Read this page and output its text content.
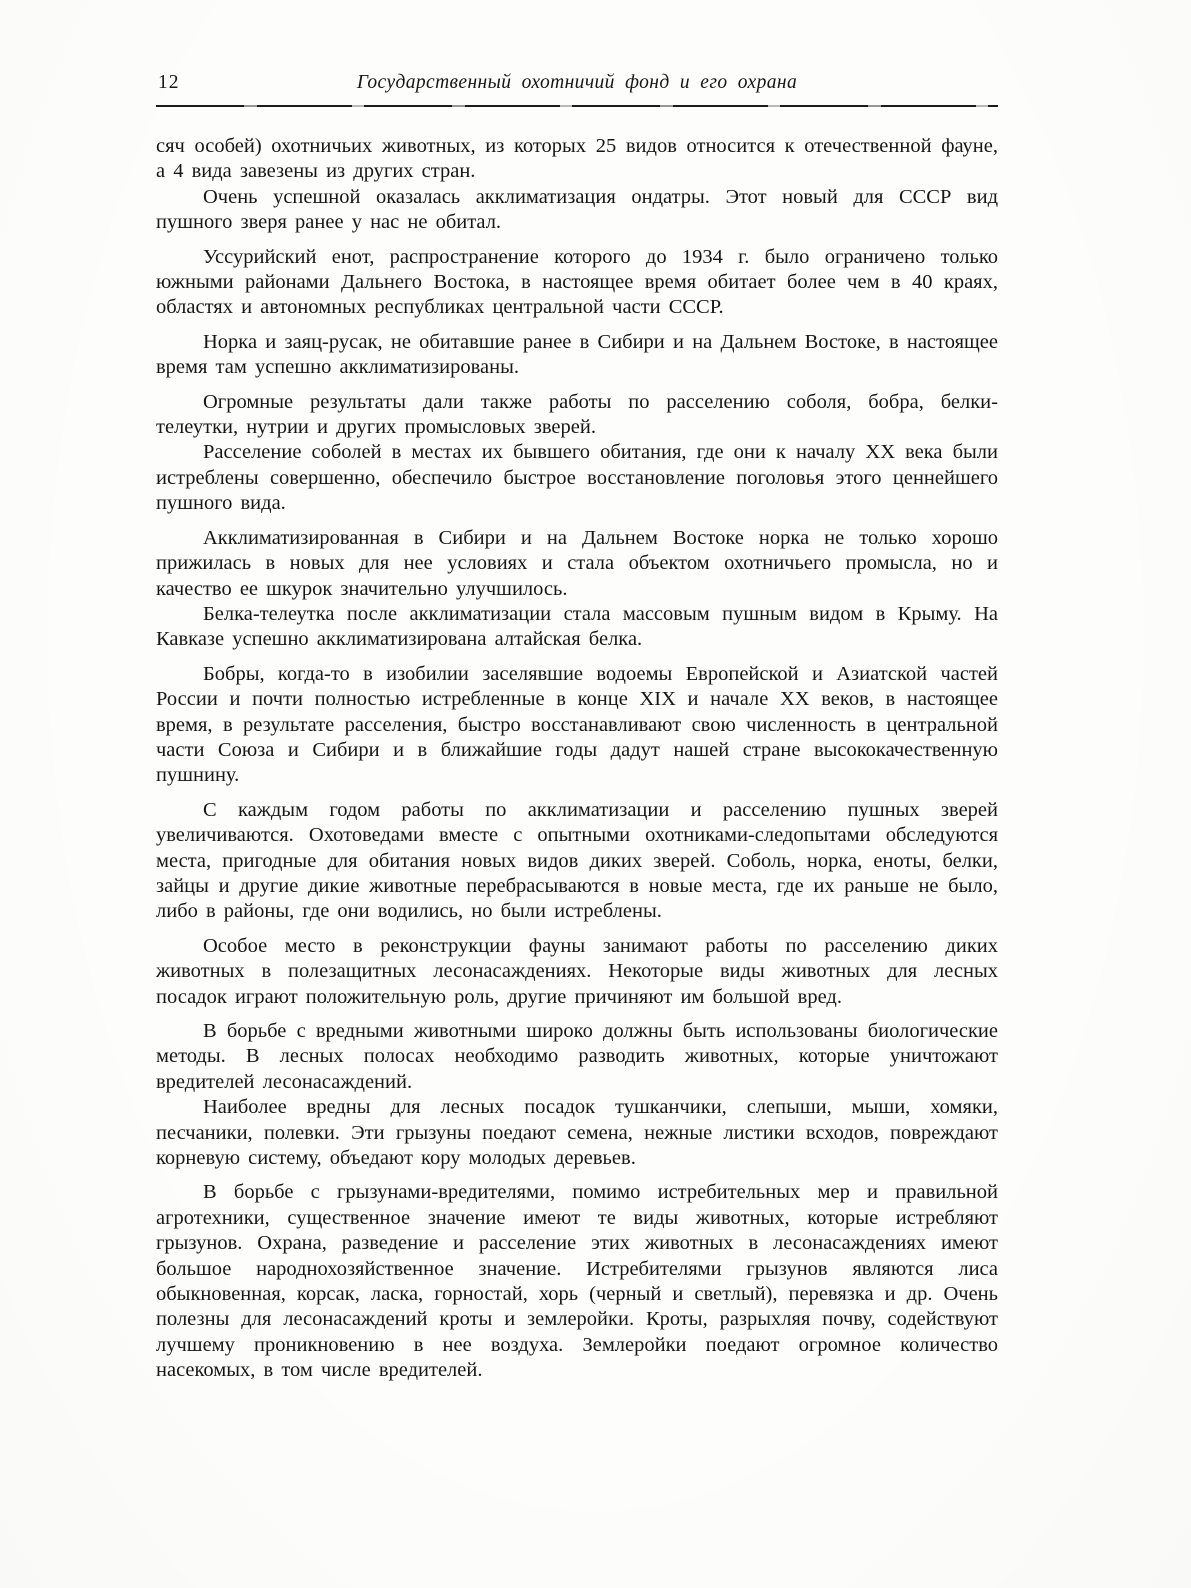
12	Государственный охотничий фонд и его охрана

сяч особей) охотничьих животных, из которых 25 видов относится к отечественной фауне, а 4 вида завезены из других стран.

Очень успешной оказалась акклиматизация ондатры. Этот новый для СССР вид пушного зверя ранее у нас не обитал.

Уссурийский енот, распространение которого до 1934 г. было ограничено только южными районами Дальнего Востока, в настоящее время обитает более чем в 40 краях, областях и автономных республиках центральной части СССР.

Норка и заяц-русак, не обитавшие ранее в Сибири и на Дальнем Востоке, в настоящее время там успешно акклиматизированы.

Огромные результаты дали также работы по расселению соболя, бобра, белки-телеутки, нутрии и других промысловых зверей.

Расселение соболей в местах их бывшего обитания, где они к началу XX века были истреблены совершенно, обеспечило быстрое восстановление поголовья этого ценнейшего пушного вида.

Акклиматизированная в Сибири и на Дальнем Востоке норка не только хорошо прижилась в новых для нее условиях и стала объектом охотничьего промысла, но и качество ее шкурок значительно улучшилось.

Белка-телеутка после акклиматизации стала массовым пушным видом в Крыму. На Кавказе успешно акклиматизирована алтайская белка.

Бобры, когда-то в изобилии заселявшие водоемы Европейской и Азиатской частей России и почти полностью истребленные в конце XIX и начале XX веков, в настоящее время, в результате расселения, быстро восстанавливают свою численность в центральной части Союза и Сибири и в ближайшие годы дадут нашей стране высококачественную пушнину.

С каждым годом работы по акклиматизации и расселению пушных зверей увеличиваются. Охотоведами вместе с опытными охотниками-следопытами обследуются места, пригодные для обитания новых видов диких зверей. Соболь, норка, еноты, белки, зайцы и другие дикие животные перебрасываются в новые места, где их раньше не было, либо в районы, где они водились, но были истреблены.

Особое место в реконструкции фауны занимают работы по расселению диких животных в полезащитных лесонасаждениях. Некоторые виды животных для лесных посадок играют положительную роль, другие причиняют им большой вред.

В борьбе с вредными животными широко должны быть использованы биологические методы. В лесных полосах необходимо разводить животных, которые уничтожают вредителей лесонасаждений.

Наиболее вредны для лесных посадок тушканчики, слепыши, мыши, хомяки, песчаники, полевки. Эти грызуны поедают семена, нежные листики всходов, повреждают корневую систему, объедают кору молодых деревьев.

В борьбе с грызунами-вредителями, помимо истребительных мер и правильной агротехники, существенное значение имеют те виды животных, которые истребляют грызунов. Охрана, разведение и расселение этих животных в лесонасаждениях имеют большое народнохозяйственное значение. Истребителями грызунов являются лиса обыкновенная, корсак, ласка, горностай, хорь (черный и светлый), перевязка и др. Очень полезны для лесонасаждений кроты и землеройки. Кроты, разрыхляя почву, содействуют лучшему проникновению в нее воздуха. Землеройки поедают огромное количество насекомых, в том числе вредителей.
